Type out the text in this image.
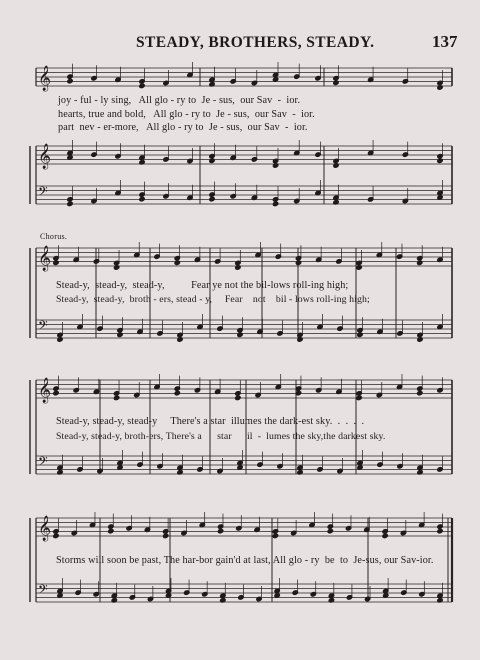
STEADY, BROTHERS, STEADY.	137
𝄞
𝄞
𝄢
𝄞
𝄢
𝄞
𝄢
𝄞
𝄢
joy - ful - ly sing,   All glo - ry to  Je - sus,  our Sav  -  ior.
hearts, true and bold,   All glo - ry to  Je - sus,  our Sav  -  ior.
part  nev - er-more,   All glo - ry to  Je - sus,  our Sav  -  ior.
Chorus.
Stead-y,  stead-y,  stead-y,          Fear ye not the bil-lows roll-ing high;
Stead-y,  stead-y,  broth - ers, stead - y,     Fear    not    bil - lows roll-ing high;
Stead-y, stead-y, stead-y     There's a star  illumes the dark-est sky.  .  .  .  .
Stead-y, stead-y, broth-ers, There's a      star      il  -  lumes the sky,the darkest sky.
Storms will soon be past, The har-bor gain'd at last, All glo - ry  be  to  Je-sus, our Sav-ior.
